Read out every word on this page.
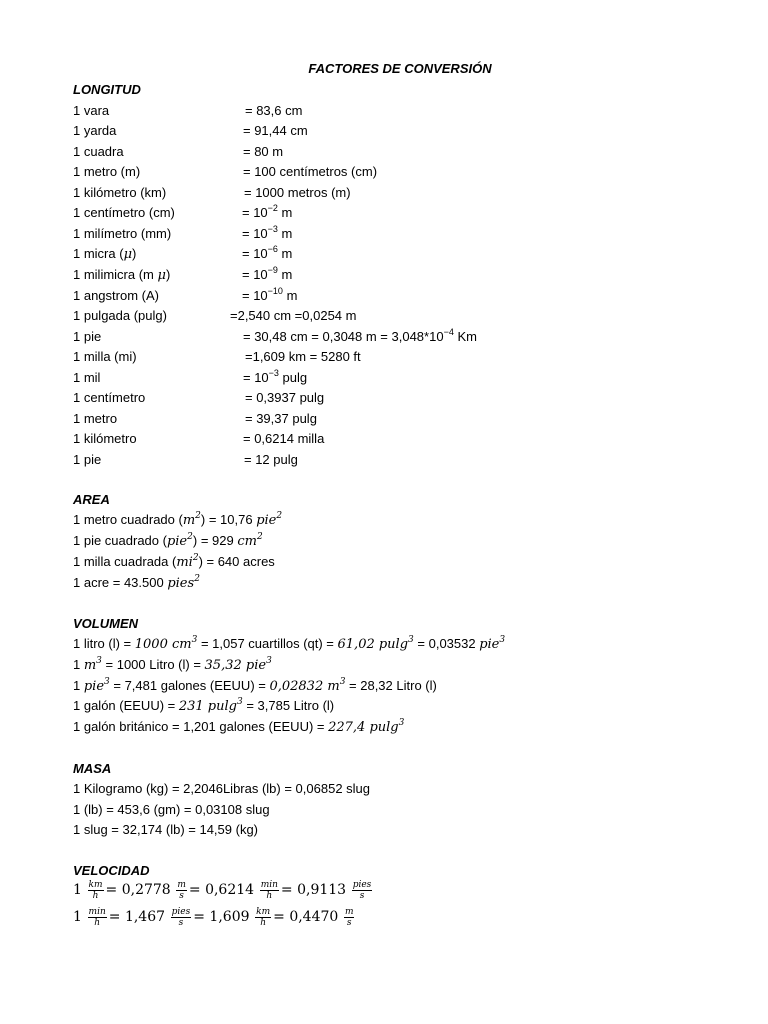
FACTORES DE CONVERSIÓN
LONGITUD
1 vara	= 83,6 cm
1 yarda	= 91,44 cm
1 cuadra	= 80 m
1 metro (m)	= 100 centímetros (cm)
1 kilómetro (km)	= 1000 metros (m)
1 centímetro (cm)	= $10^{-2}$ m
1 milímetro (mm)	= $10^{-3}$ m
1 micra (μ)	= $10^{-6}$ m
1 milimicra (m μ)	= $10^{-9}$ m
1 angstrom (A)	= $10^{-10}$ m
1 pulgada (pulg)	=2,540 cm =0,0254 m
1 pie	= 30,48 cm = 0,3048 $m = 3,048*10^{-4}$ Km
1 milla (mi)	=1,609 km = 5280 ft
1 mil	= $10^{-3}$ pulg
1 centímetro	= 0,3937 pulg
1 metro	= 39,37 pulg
1 kilómetro	= 0,6214 milla
1 pie	= 12 pulg
AREA
1 metro cuadrado $(m^2) = 10,76$ pie$^2$
1 pie cuadrado (pie$^2$) = 929 $cm^2$
1 milla cuadrada $(mi^2) = 640$ acres
1 acre = 43.500 pies$^2$
VOLUMEN
1 litro (l) = 1000 $cm^3 = 1,057$ cuartillos (qt) = 61,02 pulg$^3$ = 0,03532 pie$^3$
1 $m^3 = 1000$ Litro (l) = 35,32 pie$^3$
1 pie$^3$ = 7,481 galones (EEUU) = 0,02832 $m^3 = 28,32$ Litro (l)
1 galón (EEUU) = 231 pulg$^3$ = 3,785 Litro (l)
1 galón británico = 1,201 galones (EEUU) = 227,4 pulg$^3$
MASA
1 Kilogramo (kg) = 2,2046Libras (lb) = 0,06852 slug
1 (lb) = 453,6 (gm) = 0,03108 slug
1 slug = 32,174 (lb) = 14,59 (kg)
VELOCIDAD
$1 \frac{km}{h} = 0,2778 \frac{m}{s} = 0,6214 \frac{\min}{h} = 0,9113 \frac{\text{pies}}{s}$
$1 \frac{\min}{h} = 1,467 \frac{\text{pies}}{s} = 1,609 \frac{km}{h} = 0,4470 \frac{m}{s}$
